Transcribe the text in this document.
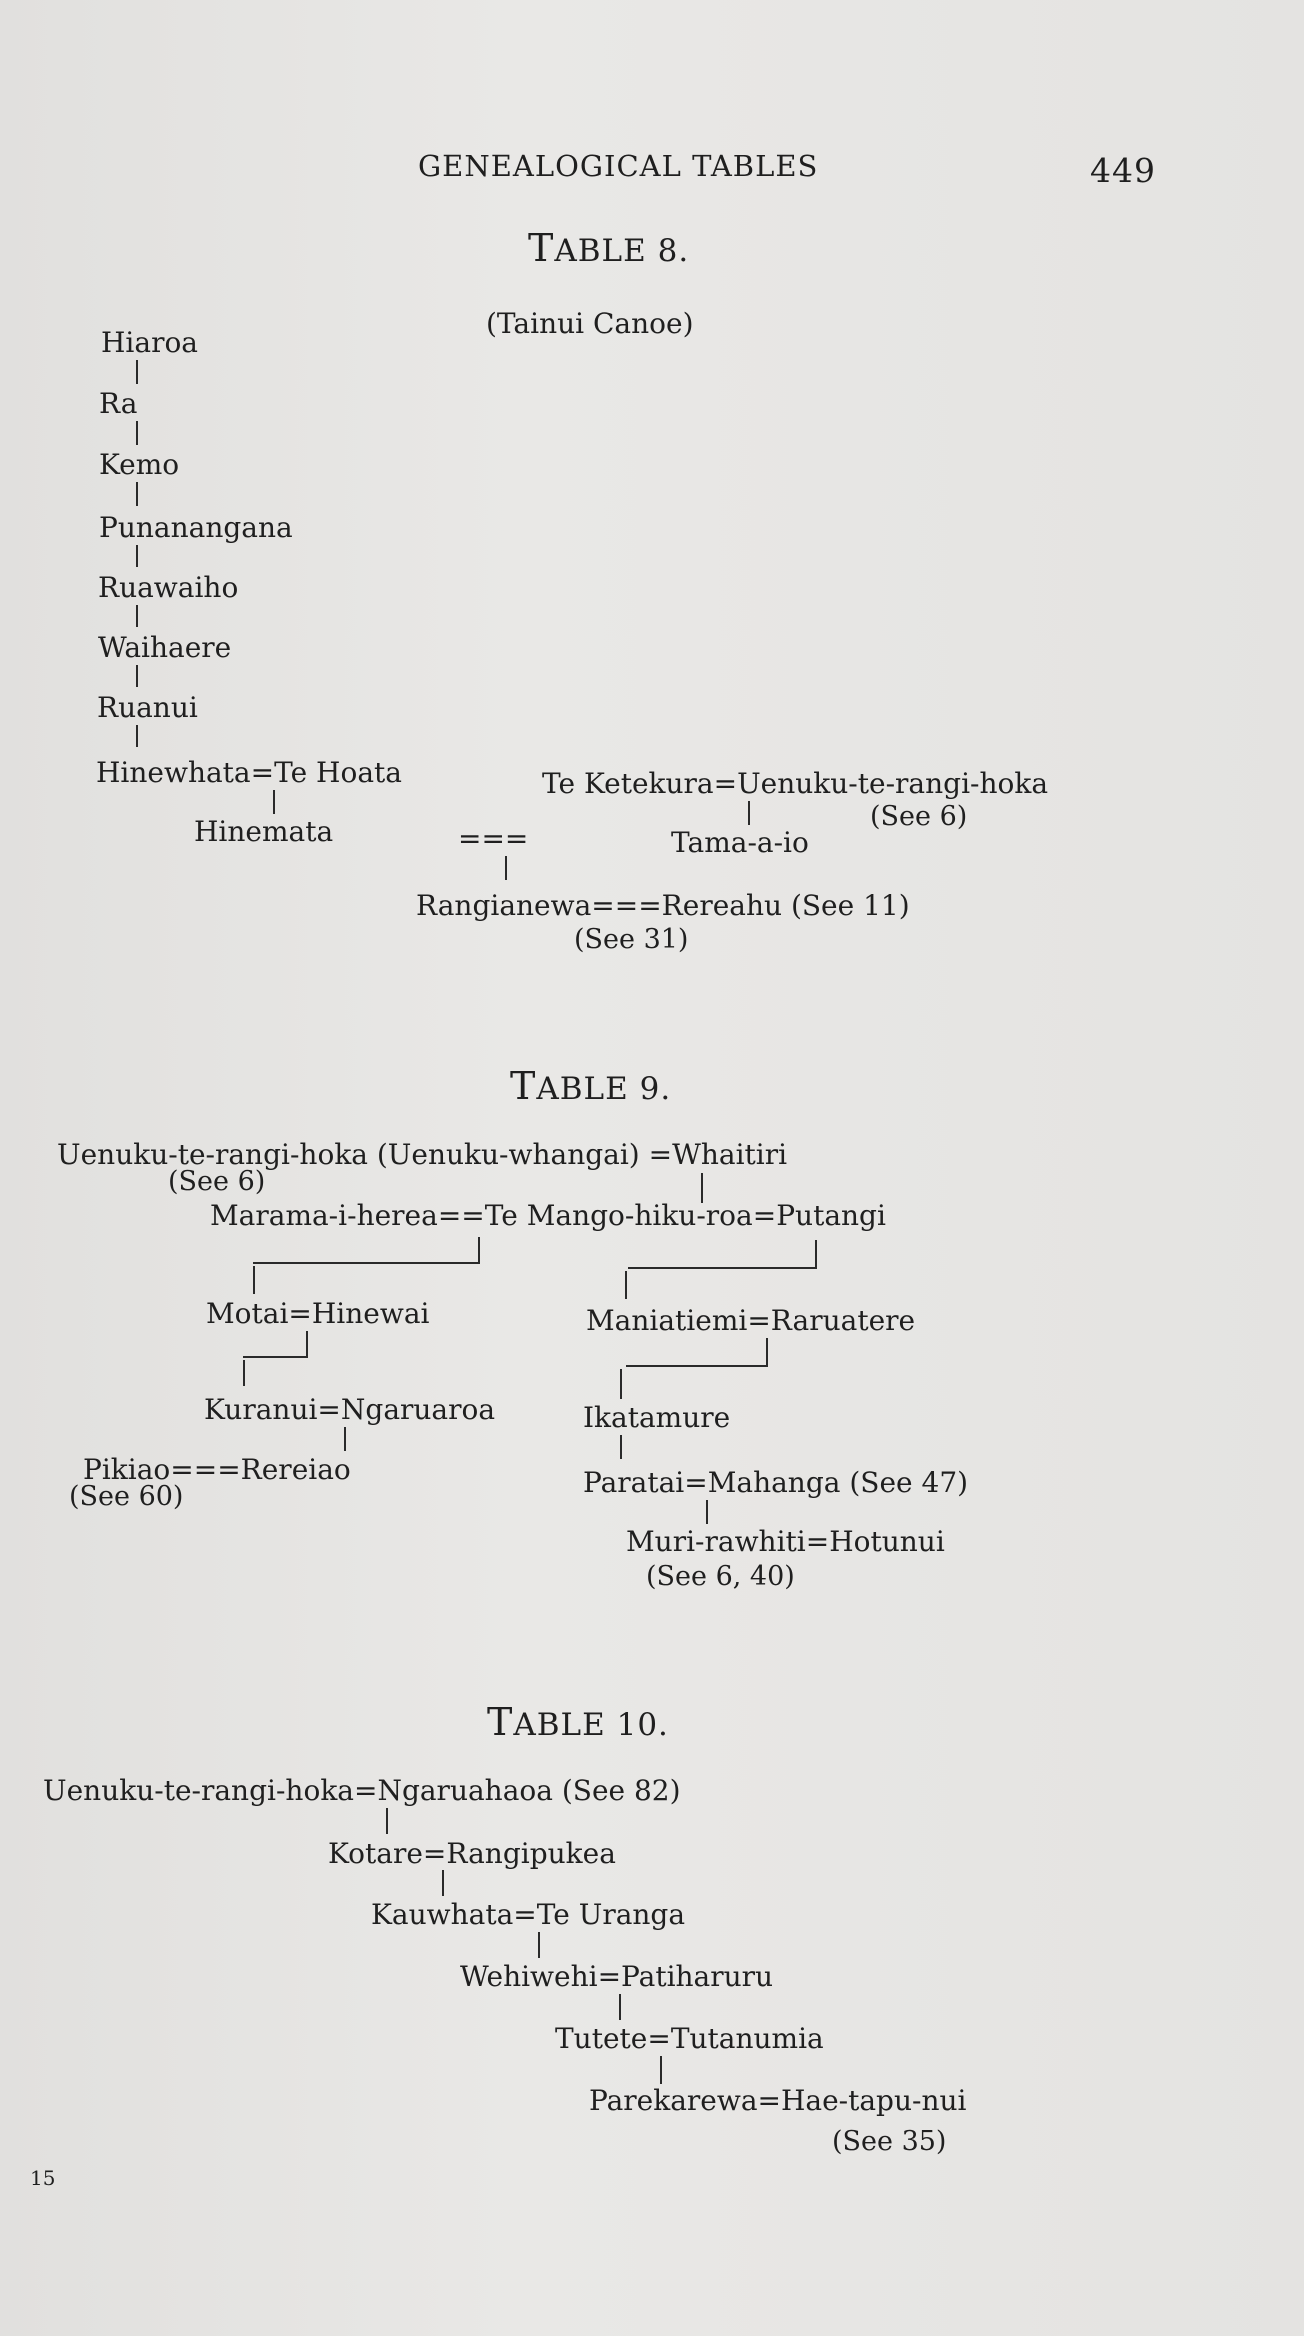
GENEALOGICAL TABLES	449
TABLE 8.
(Tainui Canoe)
Hiaroa
Ra
Kemo
Punanangana
Ruawaiho
Waihaere
Ruanui
Hinewhata=Te Hoata
Hinemata
Te Ketekura=Uenuku-te-rangi-hoka
(See 6)
Tama-a-io
===
Rangianewa===Rereahu (See 11)
(See 31)
TABLE 9.
Uenuku-te-rangi-hoka (Uenuku-whangai) =Whaitiri
(See 6)
Marama-i-herea==Te Mango-hiku-roa=Putangi
Motai=Hinewai
Kuranui=Ngaruaroa
Pikiao===Rereiao
(See 60)
Maniatiemi=Raruatere
Ikatamure
Paratai=Mahanga (See 47)
Muri-rawhiti=Hotunui
(See 6, 40)
TABLE 10.
Uenuku-te-rangi-hoka=Ngaruahaoa (See 82)
Kotare=Rangipukea
Kauwhata=Te Uranga
Wehiwehi=Patiharuru
Tutete=Tutanumia
Parekarewa=Hae-tapu-nui
(See 35)
15
